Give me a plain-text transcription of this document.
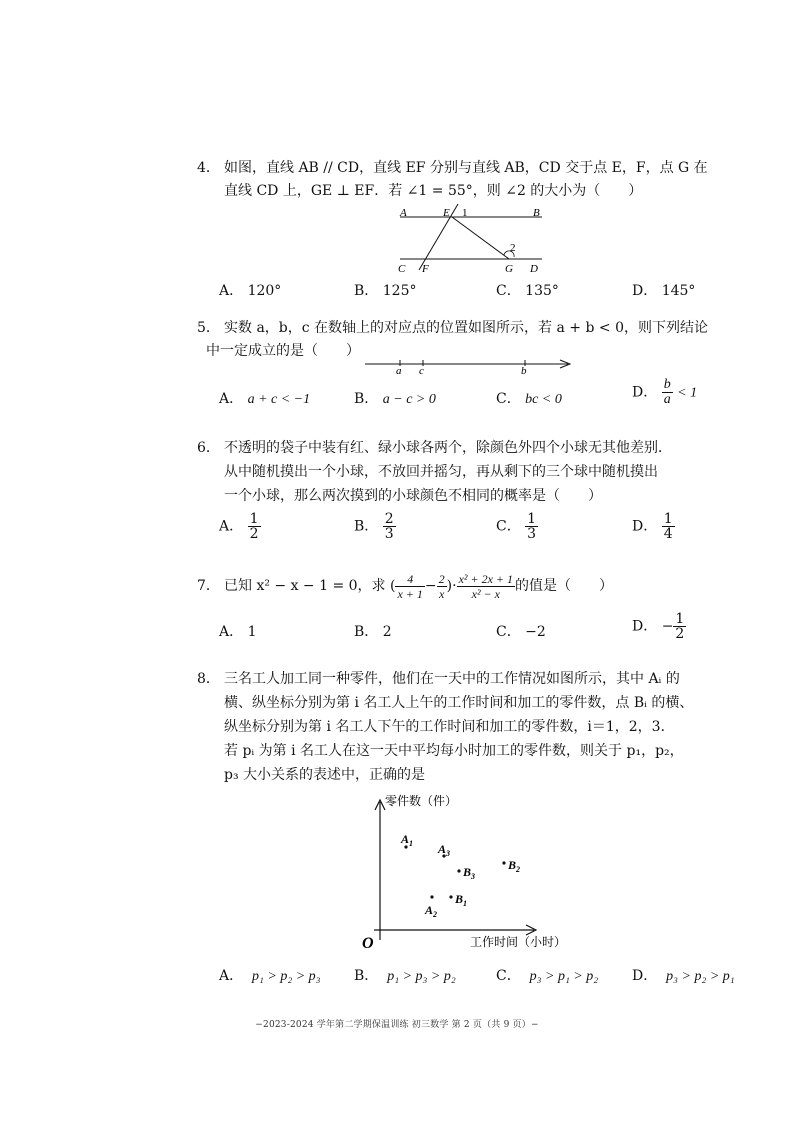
4． 如图，直线 AB // CD，直线 EF 分别与直线 AB，CD 交于点 E，F，点 G 在
直线 CD 上，GE ⊥ EF．若 ∠1 = 55°，则 ∠2 的大小为（　　）
A	B
C F
E 1
G D
2
A． 120°	B． 125°	C． 135°	D． 145°
5． 实数 a，b，c 在数轴上的对应点的位置如图所示，若 a + b < 0，则下列结论
中一定成立的是（　　）
a c	b
A． a + c < −1	B． a − c > 0	C． bc < 0	D． $\frac{b}{a} < 1$
6． 不透明的袋子中装有红、绿小球各两个，除颜色外四个小球无其他差别．
从中随机摸出一个小球，不放回并摇匀，再从剩下的三个球中随机摸出
一个小球，那么两次摸到的小球颜色不相同的概率是（　　）
A． $\frac{1}{2}$	B． $\frac{2}{3}$	C． $\frac{1}{3}$	D． $\frac{1}{4}$
7． 已知 x² − x − 1 = 0，求 ( $\frac{4}{x + 1} - \frac{2}{x}$ )· $\frac{\text{x² + 2x + 1}}{\text{x² − x}}$ 的值是（　　）
A． 1	B． 2	C． −2	D． − $\frac{1}{2}$
8． 三名工人加工同一种零件，他们在一天中的工作情况如图所示，其中 Aᵢ 的
横、纵坐标分别为第 i 名工人上午的工作时间和加工的零件数，点 Bᵢ 的横、
纵坐标分别为第 i 名工人下午的工作时间和加工的零件数，i＝1，2，3．
若 pᵢ 为第 i 名工人在这一天中平均每小时加工的零件数，则关于 p₁，p₂，
p₃ 大小关系的表述中，正确的是
零件数（件）
工作时间（小时）
O
$A_1$
$A_2$
$A_3$
$B_1$
$B_2$
$B_3$
A． p₁ > p₂ > p₃ B． p₁ > p₃ > p₂	C． p₃ > p₁ > p₂ D． p₃ > p₂ > p₁
−2023-2024 学年第二学期保温训练 初三数学 第 2 页（共 9 页）−
